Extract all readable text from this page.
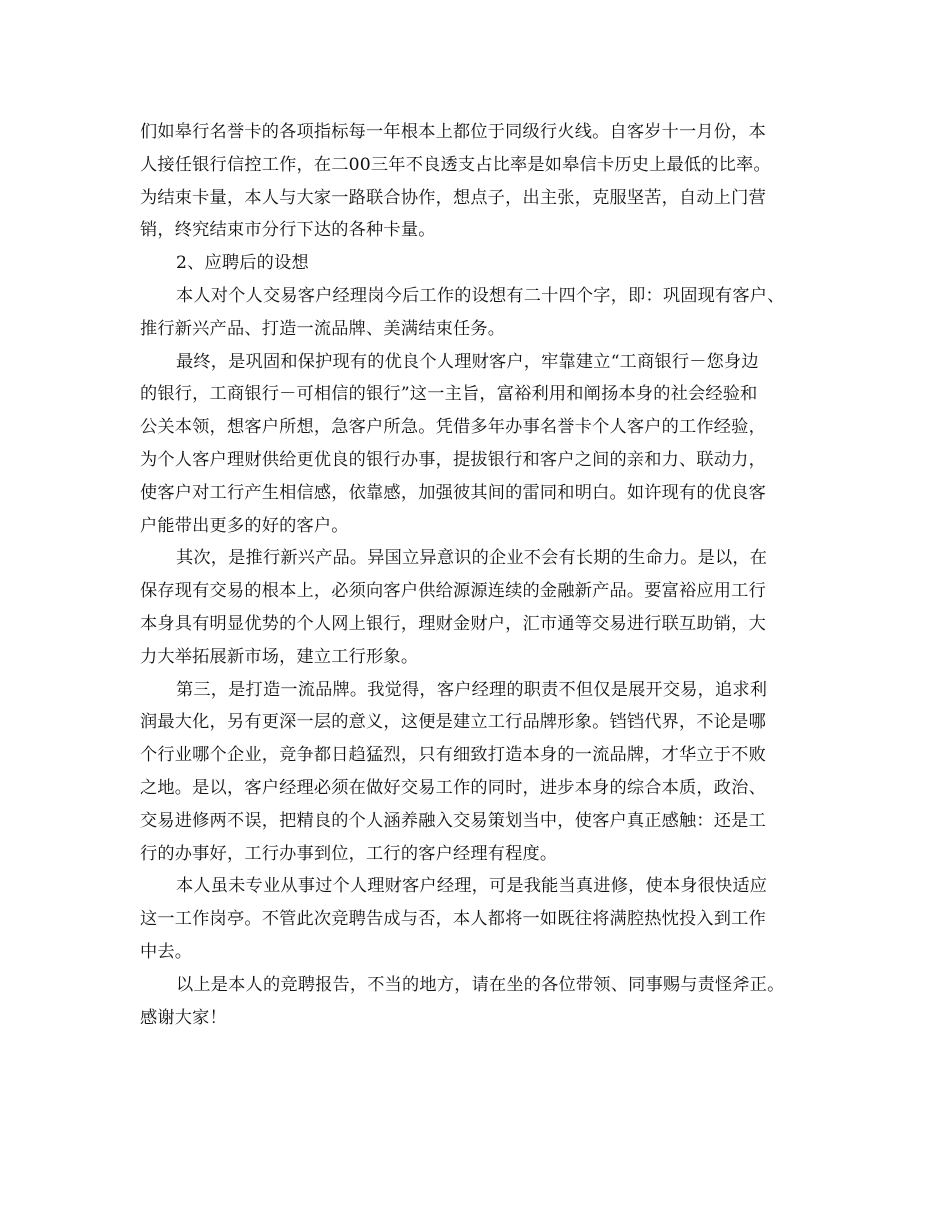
们如皋行名誉卡的各项指标每一年根本上都位于同级行火线。自客岁十一月份，本
人接任银行信控工作，在二00三年不良透支占比率是如皋信卡历史上最低的比率。
为结束卡量，本人与大家一路联合协作，想点子，出主张，克服坚苦，自动上门营
销，终究结束市分行下达的各种卡量。
2、应聘后的设想
本人对个人交易客户经理岗今后工作的设想有二十四个字，即：巩固现有客户、
推行新兴产品、打造一流品牌、美满结束任务。
最终，是巩固和保护现有的优良个人理财客户，牢靠建立“工商银行－您身边
的银行，工商银行－可相信的银行”这一主旨，富裕利用和阐扬本身的社会经验和
公关本领，想客户所想，急客户所急。凭借多年办事名誉卡个人客户的工作经验，
为个人客户理财供给更优良的银行办事，提拔银行和客户之间的亲和力、联动力，
使客户对工行产生相信感，依靠感，加强彼其间的雷同和明白。如许现有的优良客
户能带出更多的好的客户。
其次，是推行新兴产品。异国立异意识的企业不会有长期的生命力。是以，在
保存现有交易的根本上，必须向客户供给源源连续的金融新产品。要富裕应用工行
本身具有明显优势的个人网上银行，理财金财户，汇市通等交易进行联互助销，大
力大举拓展新市场，建立工行形象。
第三，是打造一流品牌。我觉得，客户经理的职责不但仅是展开交易，追求利
润最大化，另有更深一层的意义，这便是建立工行品牌形象。铛铛代界，不论是哪
个行业哪个企业，竞争都日趋猛烈，只有细致打造本身的一流品牌，才华立于不败
之地。是以，客户经理必须在做好交易工作的同时，进步本身的综合本质，政治、
交易进修两不误，把精良的个人涵养融入交易策划当中，使客户真正感触：还是工
行的办事好，工行办事到位，工行的客户经理有程度。
本人虽未专业从事过个人理财客户经理，可是我能当真进修，使本身很快适应
这一工作岗亭。不管此次竞聘告成与否，本人都将一如既往将满腔热忱投入到工作
中去。
以上是本人的竞聘报告，不当的地方，请在坐的各位带领、同事赐与责怪斧正。
感谢大家！
